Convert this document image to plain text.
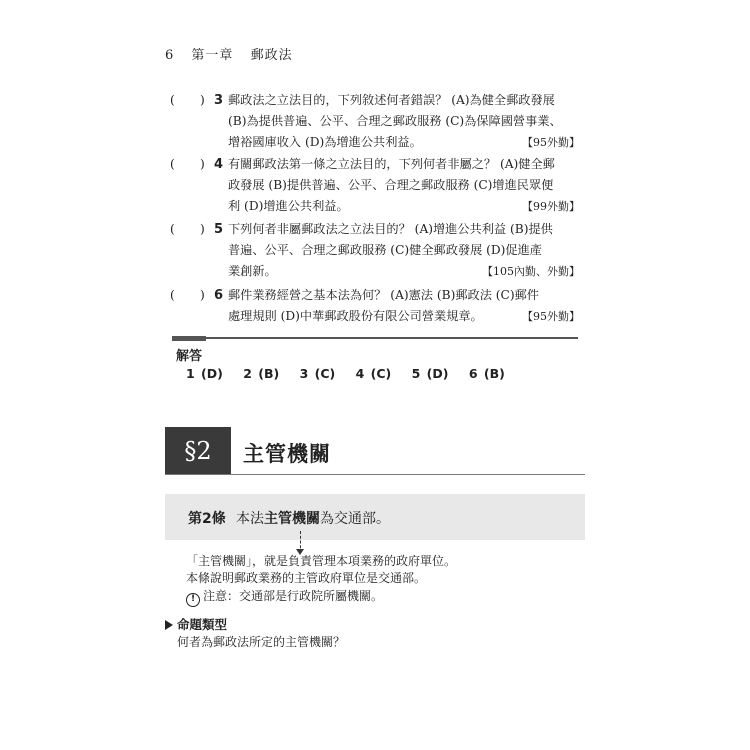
6 第一章 郵政法
( ) 3 郵政法之立法目的，下列敘述何者錯誤？ (A)為健全郵政發展
(B)為提供普遍、公平、合理之郵政服務 (C)為保障國營事業、
增裕國庫收入 (D)為增進公共利益。	【95外勤】
( ) 4 有關郵政法第一條之立法目的，下列何者非屬之？ (A)健全郵
政發展 (B)提供普遍、公平、合理之郵政服務 (C)增進民眾便
利 (D)增進公共利益。	【99外勤】
( ) 5 下列何者非屬郵政法之立法目的？ (A)增進公共利益 (B)提供
普遍、公平、合理之郵政服務 (C)健全郵政發展 (D)促進產
業創新。	【105內勤、外勤】
( ) 6 郵件業務經營之基本法為何？ (A)憲法 (B)郵政法 (C)郵件
處理規則 (D)中華郵政股份有限公司營業規章。	【95外勤】
解答
1 (D) 2 (B) 3 (C) 4 (C) 5 (D) 6 (B)
§2 主管機關
第2條 本法主管機關為交通部。
「主管機關」，就是負責管理本項業務的政府單位。
本條說明郵政業務的主管政府單位是交通部。
! 注意：交通部是行政院所屬機關。
命題類型
何者為郵政法所定的主管機關？
